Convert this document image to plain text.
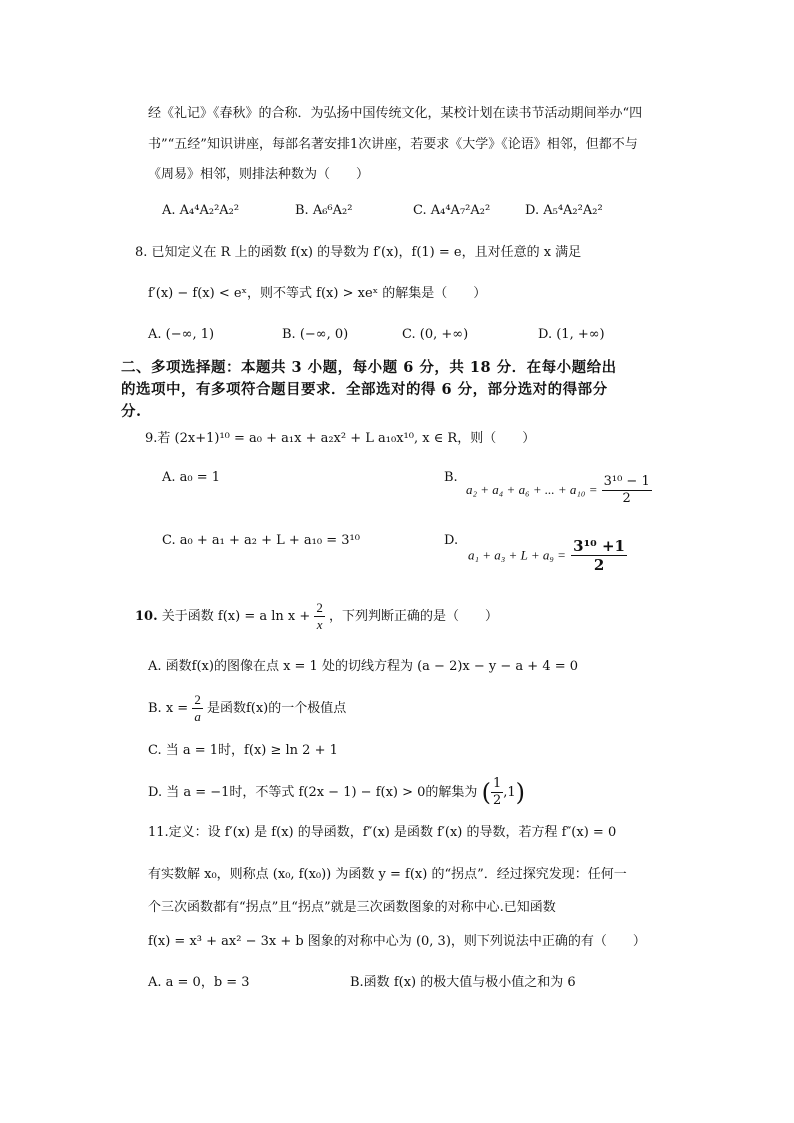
经《礼记》《春秋》的合称．为弘扬中国传统文化，某校计划在读书节活动期间举办“四
书”“五经”知识讲座，每部名著安排1次讲座，若要求《大学》《论语》相邻，但都不与
《周易》相邻，则排法种数为（　　）
A. A₄⁴A₂²A₂²	B. A₆⁶A₂²	C. A₄⁴A₇²A₂²	D. A₅⁴A₂²A₂²
8. 已知定义在 R 上的函数 f(x) 的导数为 f′(x)，f(1) = e，且对任意的 x 满足
f′(x) − f(x) < eˣ，则不等式 f(x) > xeˣ 的解集是（　　）
A. (−∞, 1)	B. (−∞, 0)	C. (0, +∞)	D. (1, +∞)
二、多项选择题：本题共 3 小题，每小题 6 分，共 18 分．在每小题给出
的选项中，有多项符合题目要求．全部选对的得 6 分，部分选对的得部分
分.
9.若 (2x+1)¹⁰ = a₀ + a₁x + a₂x² + L a₁₀x¹⁰, x ∈ R，则（　　）
A. a₀ = 1	B.
a₂ + a₄ + a₆ + ... + $a_{10} = \frac{\text{3¹⁰ − 1}}{2}$
C. a₀ + a₁ + a₂ + L + a₁₀ = 3¹⁰	D.
$a_1 + a_3 + L + a_9 = \frac{\text{3¹⁰ +1}}{2}$
10. 关于函数 f(x) = a $\ln x + \frac{2}{x}$ ，下列判断正确的是（　　）
A. 函数f(x)的图像在点 x = 1 处的切线方程为 (a − 2)x − y − a + 4 = 0
B. $x = \frac{2}{a}$ 是函数f(x)的一个极值点
C. 当 a = 1时，f(x) ≥ ln 2 + 1
D. 当 a = −1时，不等式 f(2x − 1) − f(x) > 0的解集为 ( $\frac{1}{2} ,1$)
11.定义：设 f′(x) 是 f(x) 的导函数，f″(x) 是函数 f′(x) 的导数，若方程 f″(x) = 0
有实数解 x₀，则称点 (x₀, f(x₀)) 为函数 y = f(x) 的“拐点”．经过探究发现：任何一
个三次函数都有“拐点”且“拐点”就是三次函数图象的对称中心.已知函数
f(x) = x³ + ax² − 3x + b 图象的对称中心为 (0, 3)，则下列说法中正确的有（　　）
A. a = 0，b = 3	B.函数 f(x) 的极大值与极小值之和为 6
